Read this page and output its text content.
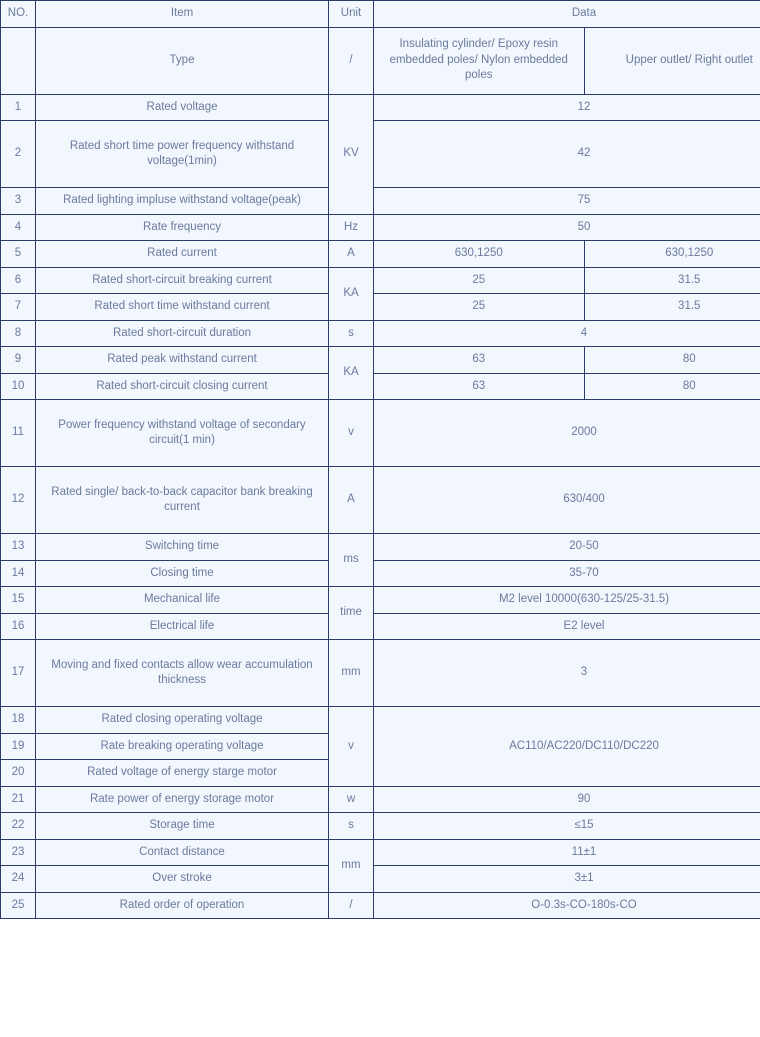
NO.	Item	Unit	Data	
	Type	/	Insulating cylinder/ Epoxy resin embedded poles/ Nylon embedded poles	Upper outlet/ Right outlet
1	Rated voltage	KV	12	
2	Rated short time power frequency withstand voltage(1min)		42	
3	Rated lighting impluse withstand voltage(peak)		75	
4	Rate frequency	Hz	50	
5	Rated current	A	630,1250	630,1250
6	Rated short-circuit breaking current	KA	25	31.5
7	Rated short time withstand current		25	31.5
8	Rated short-circuit duration	s	4	
9	Rated peak withstand current	KA	63	80
10	Rated short-circuit closing current		63	80
11	Power frequency withstand voltage of secondary circuit(1 min)	v	2000	
12	Rated single/ back-to-back capacitor bank breaking current	A	630/400	
13	Switching time	ms	20-50	
14	Closing time		35-70	
15	Mechanical life	time	M2 level 10000(630-125/25-31.5)	
16	Electrical life		E2 level	
17	Moving and fixed contacts allow wear accumulation thickness	mm	3	
18	Rated closing operating voltage	v	AC110/AC220/DC110/DC220	
19	Rate breaking operating voltage			
20	Rated voltage of energy starge motor			
21	Rate power of energy storage motor	w	90	
22	Storage time	s	≤15	
23	Contact distance	mm	11±1	
24	Over stroke		3±1	
25	Rated order of operation	/	O-0.3s-CO-180s-CO	
